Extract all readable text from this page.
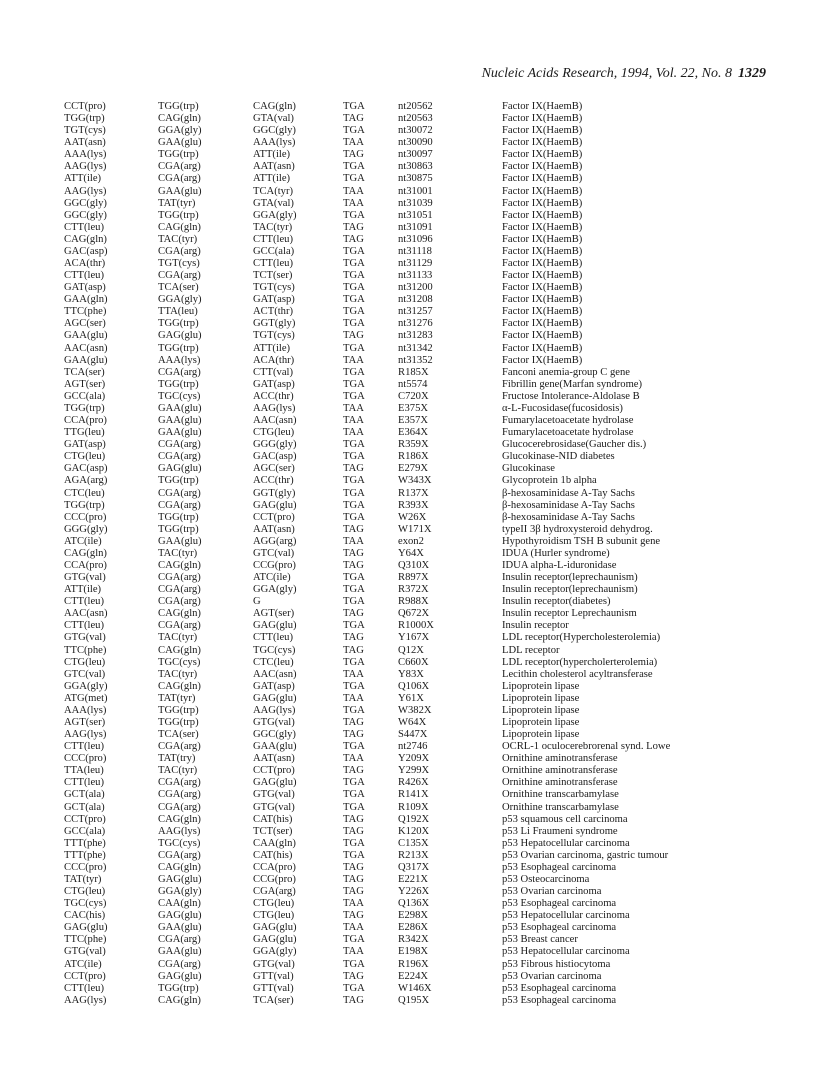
Nucleic Acids Research, 1994, Vol. 22, No. 8 1329
CCT(pro)	TGG(trp)	CAG(gln)	TGA	nt20562	Factor IX(HaemB)
TGG(trp)	CAG(gln)	GTA(val)	TAG	nt20563	Factor IX(HaemB)
TGT(cys)	GGA(gly)	GGC(gly)	TGA	nt30072	Factor IX(HaemB)
AAT(asn)	GAA(glu)	AAA(lys)	TAA	nt30090	Factor IX(HaemB)
AAA(lys)	TGG(trp)	ATT(ile)	TAG	nt30097	Factor IX(HaemB)
AAG(lys)	CGA(arg)	AAT(asn)	TGA	nt30863	Factor IX(HaemB)
ATT(ile)	CGA(arg)	ATT(ile)	TGA	nt30875	Factor IX(HaemB)
AAG(lys)	GAA(glu)	TCA(tyr)	TAA	nt31001	Factor IX(HaemB)
GGC(gly)	TAT(tyr)	GTA(val)	TAA	nt31039	Factor IX(HaemB)
GGC(gly)	TGG(trp)	GGA(gly)	TGA	nt31051	Factor IX(HaemB)
CTT(leu)	CAG(gln)	TAC(tyr)	TAG	nt31091	Factor IX(HaemB)
CAG(gln)	TAC(tyr)	CTT(leu)	TAG	nt31096	Factor IX(HaemB)
GAC(asp)	CGA(arg)	GCC(ala)	TGA	nt31118	Factor IX(HaemB)
ACA(thr)	TGT(cys)	CTT(leu)	TGA	nt31129	Factor IX(HaemB)
CTT(leu)	CGA(arg)	TCT(ser)	TGA	nt31133	Factor IX(HaemB)
GAT(asp)	TCA(ser)	TGT(cys)	TGA	nt31200	Factor IX(HaemB)
GAA(gln)	GGA(gly)	GAT(asp)	TGA	nt31208	Factor IX(HaemB)
TTC(phe)	TTA(leu)	ACT(thr)	TGA	nt31257	Factor IX(HaemB)
AGC(ser)	TGG(trp)	GGT(gly)	TGA	nt31276	Factor IX(HaemB)
GAA(glu)	GAG(glu)	TGT(cys)	TAG	nt31283	Factor IX(HaemB)
AAC(asn)	TGG(trp)	ATT(ile)	TGA	nt31342	Factor IX(HaemB)
GAA(glu)	AAA(lys)	ACA(thr)	TAA	nt31352	Factor IX(HaemB)
TCA(ser)	CGA(arg)	CTT(val)	TGA	R185X	Fanconi anemia-group C gene
AGT(ser)	TGG(trp)	GAT(asp)	TGA	nt5574	Fibrillin gene(Marfan syndrome)
GCC(ala)	TGC(cys)	ACC(thr)	TGA	C720X	Fructose Intolerance-Aldolase B
TGG(trp)	GAA(glu)	AAG(lys)	TAA	E375X	α-L-Fucosidase(fucosidosis)
CCA(pro)	GAA(glu)	AAC(asn)	TAA	E357X	Fumarylacetoacetate hydrolase
TTG(leu)	GAA(glu)	CTG(leu)	TAA	E364X	Fumarylacetoacetate hydrolase
GAT(asp)	CGA(arg)	GGG(gly)	TGA	R359X	Glucocerebrosidase(Gaucher dis.)
CTG(leu)	CGA(arg)	GAC(asp)	TGA	R186X	Glucokinase-NID diabetes
GAC(asp)	GAG(glu)	AGC(ser)	TAG	E279X	Glucokinase
AGA(arg)	TGG(trp)	ACC(thr)	TGA	W343X	Glycoprotein 1b alpha
CTC(leu)	CGA(arg)	GGT(gly)	TGA	R137X	β-hexosaminidase A-Tay Sachs
TGG(trp)	CGA(arg)	GAG(glu)	TGA	R393X	β-hexosaminidase A-Tay Sachs
CCC(pro)	TGG(trp)	CCT(pro)	TGA	W26X	β-hexosaminidase A-Tay Sachs
GGG(gly)	TGG(trp)	AAT(asn)	TAG	W171X	typeII 3β hydroxysteroid dehydrog.
ATC(ile)	GAA(glu)	AGG(arg)	TAA	exon2	Hypothyroidism TSH B subunit gene
CAG(gln)	TAC(tyr)	GTC(val)	TAG	Y64X	IDUA (Hurler syndrome)
CCA(pro)	CAG(gln)	CCG(pro)	TAG	Q310X	IDUA alpha-L-iduronidase
GTG(val)	CGA(arg)	ATC(ile)	TGA	R897X	Insulin receptor(leprechaunism)
ATT(ile)	CGA(arg)	GGA(gly)	TGA	R372X	Insulin receptor(leprechaunism)
CTT(leu)	CGA(arg)	G	TGA	R988X	Insulin receptor(diabetes)
AAC(asn)	CAG(gln)	AGT(ser)	TAG	Q672X	Insulin receptor Leprechaunism
CTT(leu)	CGA(arg)	GAG(glu)	TGA	R1000X	Insulin receptor
GTG(val)	TAC(tyr)	CTT(leu)	TAG	Y167X	LDL receptor(Hypercholesterolemia)
TTC(phe)	CAG(gln)	TGC(cys)	TAG	Q12X	LDL receptor
CTG(leu)	TGC(cys)	CTC(leu)	TGA	C660X	LDL receptor(hypercholerterolemia)
GTC(val)	TAC(tyr)	AAC(asn)	TAA	Y83X	Lecithin cholesterol acyltransferase
GGA(gly)	CAG(gln)	GAT(asp)	TGA	Q106X	Lipoprotein lipase
ATG(met)	TAT(tyr)	GAG(glu)	TAA	Y61X	Lipoprotein lipase
AAA(lys)	TGG(trp)	AAG(lys)	TGA	W382X	Lipoprotein lipase
AGT(ser)	TGG(trp)	GTG(val)	TAG	W64X	Lipoprotein lipase
AAG(lys)	TCA(ser)	GGC(gly)	TAG	S447X	Lipoprotein lipase
CTT(leu)	CGA(arg)	GAA(glu)	TGA	nt2746	OCRL-1 oculocerebrorenal synd. Lowe
CCC(pro)	TAT(try)	AAT(asn)	TAA	Y209X	Ornithine aminotransferase
TTA(leu)	TAC(tyr)	CCT(pro)	TAG	Y299X	Ornithine aminotransferase
CTT(leu)	CGA(arg)	GAG(glu)	TGA	R426X	Ornithine aminotransferase
GCT(ala)	CGA(arg)	GTG(val)	TGA	R141X	Ornithine transcarbamylase
GCT(ala)	CGA(arg)	GTG(val)	TGA	R109X	Ornithine transcarbamylase
CCT(pro)	CAG(gln)	CAT(his)	TAG	Q192X	p53 squamous cell carcinoma
GCC(ala)	AAG(lys)	TCT(ser)	TAG	K120X	p53 Li Fraumeni syndrome
TTT(phe)	TGC(cys)	CAA(gln)	TGA	C135X	p53 Hepatocellular carcinoma
TTT(phe)	CGA(arg)	CAT(his)	TGA	R213X	p53 Ovarian carcinoma, gastric tumour
CCC(pro)	CAG(gln)	CCA(pro)	TAG	Q317X	p53 Esophageal carcinoma
TAT(tyr)	GAG(glu)	CCG(pro)	TAG	E221X	p53 Osteocarcinoma
CTG(leu)	GGA(gly)	CGA(arg)	TAG	Y226X	p53 Ovarian carcinoma
TGC(cys)	CAA(gln)	CTG(leu)	TAA	Q136X	p53 Esophageal carcinoma
CAC(his)	GAG(glu)	CTG(leu)	TAG	E298X	p53 Hepatocellular carcinoma
GAG(glu)	GAA(glu)	GAG(glu)	TAA	E286X	p53 Esophageal carcinoma
TTC(phe)	CGA(arg)	GAG(glu)	TGA	R342X	p53 Breast cancer
GTG(val)	GAA(glu)	GGA(gly)	TAA	E198X	p53 Hepatocellular carcinoma
ATC(ile)	CGA(arg)	GTG(val)	TGA	R196X	p53 Fibrous histiocytoma
CCT(pro)	GAG(glu)	GTT(val)	TAG	E224X	p53 Ovarian carcinoma
CTT(leu)	TGG(trp)	GTT(val)	TGA	W146X	p53 Esophageal carcinoma
AAG(lys)	CAG(gln)	TCA(ser)	TAG	Q195X	p53 Esophageal carcinoma
